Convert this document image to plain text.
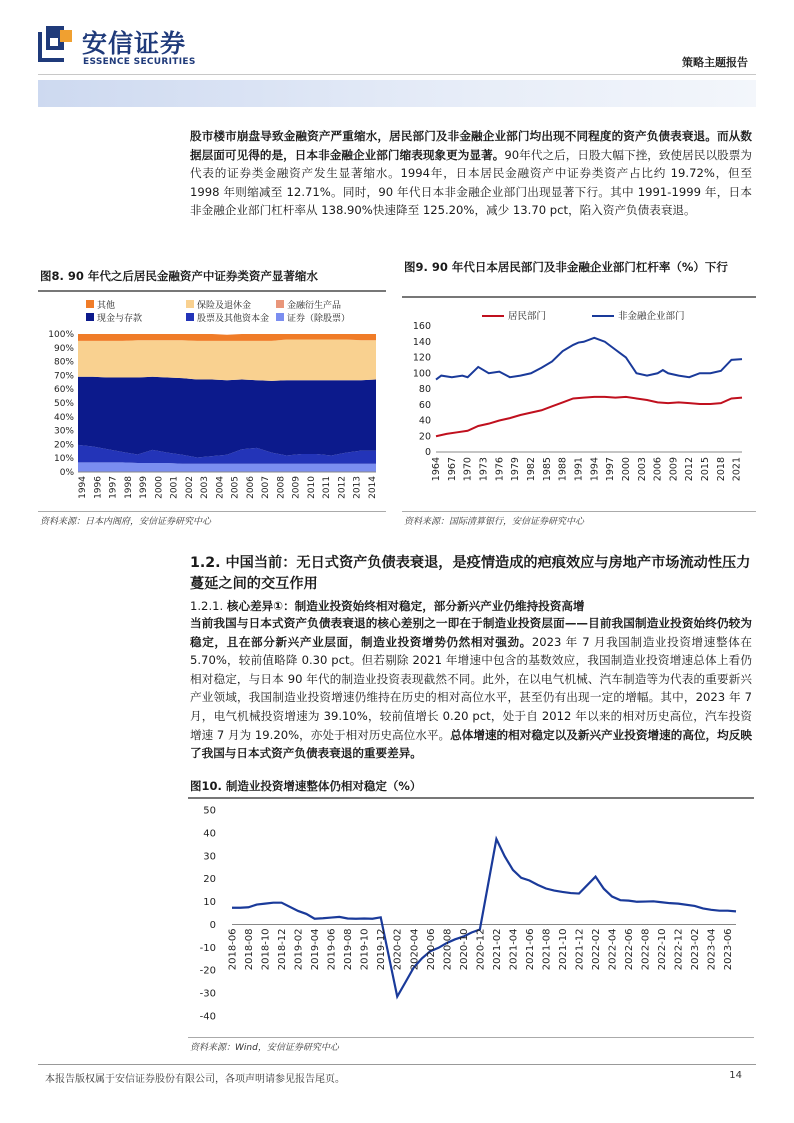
安信证券
ESSENCE SECURITIES	策略主题报告
股市楼市崩盘导致金融资产严重缩水，居民部门及非金融企业部门均出现不同程度的资产负债表衰退。而从数据层面可见得的是，日本非金融企业部门缩表现象更为显著。90年代之后，日股大幅下挫，致使居民以股票为代表的证券类金融资产发生显著缩水。1994年，日本居民金融资产中证券类资产占比约 19.72%，但至 1998 年则缩减至 12.71%。同时，90 年代日本非金融企业部门出现显著下行。其中 1991-1999 年，日本非金融企业部门杠杆率从 138.90%快速降至 125.20%，减少 13.70 pct，陷入资产负债表衰退。
图8. 90 年代之后居民金融资产中证券类资产显著缩水
其他	保险及退休金	金融衍生产品
现金与存款	股票及其他资本金 证券（除股票）
0%
10%
20%
30%
40%
50%
60%
70%
80%
90%
100%
1994 1996 1997 1998 1999 2000 2001 2002 2003 2004 2005 2006 2007 2008 2009 2010 2011 2012 2013 2014
资料来源：日本内阁府，安信证券研究中心
图9. 90 年代日本居民部门及非金融企业部门杠杆率（%）下行
居民部门	非金融企业部门
0
20
40
60
80
100
120
140
160
1964 1967 1970 1973 1976 1979 1982 1985 1988 1991 1994 1997 2000 2003 2006 2009 2012 2015 2018 2021
资料来源：国际清算银行，安信证券研究中心
1.2. 中国当前：无日式资产负债表衰退，是疫情造成的疤痕效应与房地产市场流动性压力蔓延之间的交互作用
1.2.1. 核心差异①：制造业投资始终相对稳定，部分新兴产业仍维持投资高增
当前我国与日本式资产负债表衰退的核心差别之一即在于制造业投资层面——目前我国制造业投资始终仍较为稳定，且在部分新兴产业层面，制造业投资增势仍然相对强劲。2023 年 7 月我国制造业投资增速整体在 5.70%，较前值略降 0.30 pct。但若剔除 2021 年增速中包含的基数效应，我国制造业投资增速总体上看仍相对稳定，与日本 90 年代的制造业投资表现截然不同。此外，在以电气机械、汽车制造等为代表的重要新兴产业领域，我国制造业投资增速仍维持在历史的相对高位水平，甚至仍有出现一定的增幅。其中，2023 年 7 月，电气机械投资增速为 39.10%，较前值增长 0.20 pct，处于自 2012 年以来的相对历史高位，汽车投资增速 7 月为 19.20%，亦处于相对历史高位水平。总体增速的相对稳定以及新兴产业投资增速的高位，均反映了我国与日本式资产负债表衰退的重要差异。
图10. 制造业投资增速整体仍相对稳定（%）
-40
-30
-20
-10
0
10
20
30
40
50
2018-06 2018-08 2018-10 2018-12 2019-02 2019-04 2019-06 2019-08 2019-10 2019-12 2020-02 2020-04 2020-06 2020-08 2020-10 2020-12 2021-02 2021-04 2021-06 2021-08 2021-10 2021-12 2022-02 2022-04 2022-06 2022-08 2022-10 2022-12 2023-02 2023-04 2023-06
资料来源：Wind，安信证券研究中心
本报告版权属于安信证券股份有限公司，各项声明请参见报告尾页。	14
